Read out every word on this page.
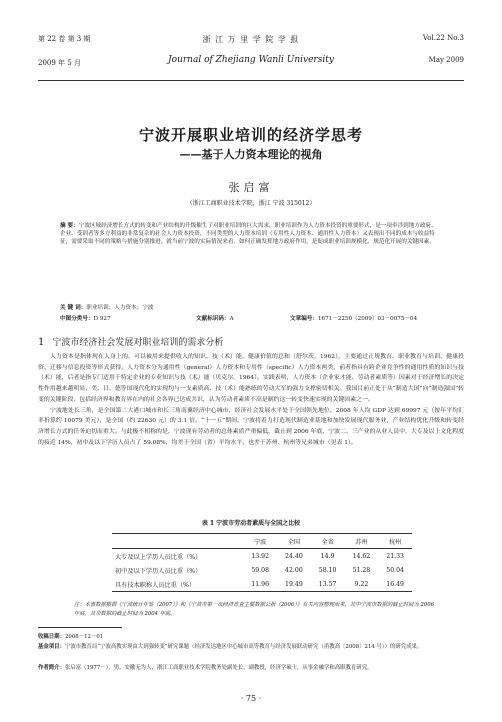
第 22 卷 第 3 期
2009 年 5 月
浙 江 万 里 学 院 学 报
Journal of Zhejiang Wanli University
Vol.22 No.3
May 2009
宁波开展职业培训的经济学思考
——基于人力资本理论的视角
张启富
（浙江工商职业技术学院，浙江 宁波 315012）
摘 要：宁波区域经济增长方式的转变和产业结构的升级催生了对职业培训的巨大需求，职业培训作为人力资本投资的重要形式，是一项牵涉到地方政府、企业、受训者等多方利益的非常复杂的社会人力资本投资，不同类型的人力资本培训（专用性人力资本、通用性人力资本）又表现出不同的成本与收益特征，需要采取不同的策略与措施分别推进。就当前宁波的实际情况来看，如何正确发挥地方政府作用，是促成职业培训规模化、规范化开展的关键因素。
关 键 词：职业培训；人力资本；宁波
中图分类号：D 927	文献标识码：A	文章编号：1671－2250（2009）03－0075－04
1 宁波市经济社会发展对职业培训的需求分析

人力资本是指体现在人身上的、可以被用来提供收入的知识、技（术）能、健康价值的总和（舒尔茨，1962），主要通过正规教育、职业教育与培训、健康投资、迁移与信息投资等形式获得。人力资本分为通用性（general）人力资本和专用性（specific）人力资本两类，前者指具有跨企业竞争性的通用性质的知识与技（术）能，后者是指专门适用于特定企业的专业知识与技（术）能（贝克尔，1964）。实践表明，人力资本（企业家才能、劳动者素质等）因素对于经济增长的决定性作用越来越明显，美、日、德等国现代化的实现均与一支素质高、技（术）能熟练的劳动大军的强力支撑密切相关。我国目前正处于从“制造大国”向“制造强国”转变的关键阶段，包括经济界和教育界在内的社会各界已达成共识，认为劳动者素质不高是制约这一转变快速实现的关键因素之一。

宁波地处长三角，是全国第二大港口城市和长三角南翼经济中心城市，经济社会发展水平处于全国领先地位，2008 年人均 GDP 达到 69997 元（按年平均汇率折算约 10079 美元），是全国（约 22630 元）的 3.1 倍。“十一五”期间，宁波将着力打造现代制造业基地和加快发展现代服务业，产业结构优化升级和转变经济增长方式的任务迫切而重大。与此极不相称的是，宁波现有劳动者的总体素质严重偏低，截止到 2006 年底，宁波二、三产业的从业人员中，大专及以上文化程度的接近 14%，初中及以下学历人员占了 59.08%，均差于全国（省）平均水平，也差于苏州、杭州等兄弟城市（见表 1）。

表 1 宁波市劳动者素质与全国之比较
	宁波	全国	全省	苏州	杭州
大专及以上学历人员比重（%）	13.92	24.40	14.9	14.62	21.33
初中及以下学历人员比重（%）	59.08	42.00	58.10	51.28	50.04
具有技术职称人员比重（%）	11.96	19.49	13.57	9.22	16.49
注：本表数据根据《宁波统计年鉴（2007）》和《宁波市第一次经济普查主要数据公报（2006）》有关内容整理而来，其中宁波市数据的截止时间为 2006 年底，其余数据的截止时间为 2004 年底。
收稿日期：2008－12－01
基金项目：宁波市教育局“宁波高教实现由大到强转变”研究课题（经济发达地区中心城市高等教育与经济发展联动研究（甬教高〔2008〕214 号））的研究成果。
作者简介：张启富（1977－），男，安徽无为人，浙江工商职业技术学院教务处副处长，副教授，经济学硕士，从事金融学和高职教育研究。
· 75 ·
